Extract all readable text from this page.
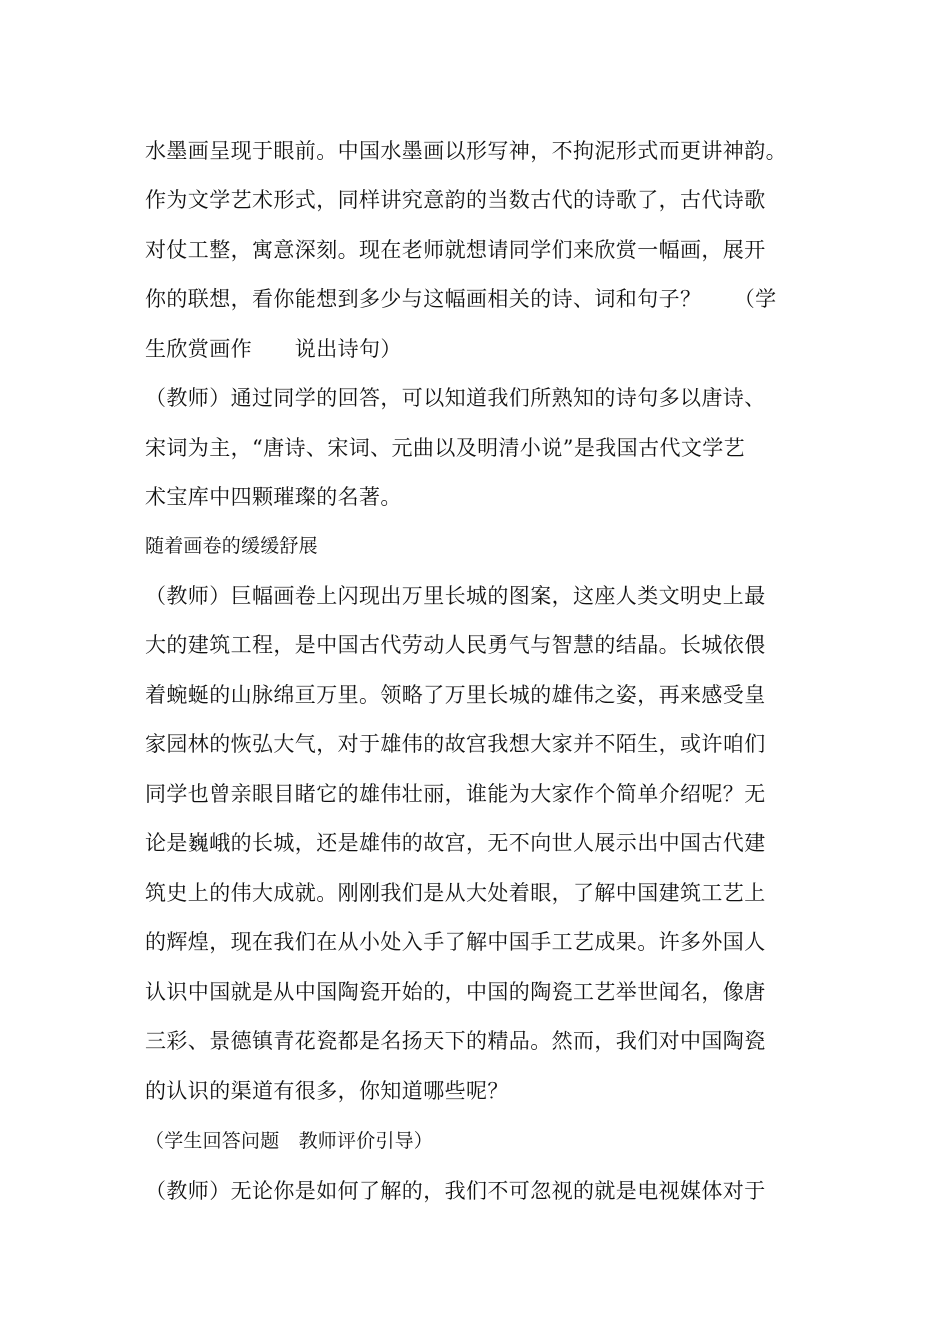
水墨画呈现于眼前。中国水墨画以形写神，不拘泥形式而更讲神韵。
作为文学艺术形式，同样讲究意韵的当数古代的诗歌了，古代诗歌
对仗工整，寓意深刻。现在老师就想请同学们来欣赏一幅画，展开
你的联想，看你能想到多少与这幅画相关的诗、词和句子？　　（学
生欣赏画作　　说出诗句）
（教师）通过同学的回答，可以知道我们所熟知的诗句多以唐诗、
宋词为主，“唐诗、宋词、元曲以及明清小说”是我国古代文学艺
术宝库中四颗璀璨的名著。
随着画卷的缓缓舒展
（教师）巨幅画卷上闪现出万里长城的图案，这座人类文明史上最
大的建筑工程，是中国古代劳动人民勇气与智慧的结晶。长城依偎
着蜿蜒的山脉绵亘万里。领略了万里长城的雄伟之姿，再来感受皇
家园林的恢弘大气，对于雄伟的故宫我想大家并不陌生，或许咱们
同学也曾亲眼目睹它的雄伟壮丽，谁能为大家作个简单介绍呢？无
论是巍峨的长城，还是雄伟的故宫，无不向世人展示出中国古代建
筑史上的伟大成就。刚刚我们是从大处着眼，了解中国建筑工艺上
的辉煌，现在我们在从小处入手了解中国手工艺成果。许多外国人
认识中国就是从中国陶瓷开始的，中国的陶瓷工艺举世闻名，像唐
三彩、景德镇青花瓷都是名扬天下的精品。然而，我们对中国陶瓷
的认识的渠道有很多，你知道哪些呢？
（学生回答问题　教师评价引导）
（教师）无论你是如何了解的，我们不可忽视的就是电视媒体对于
